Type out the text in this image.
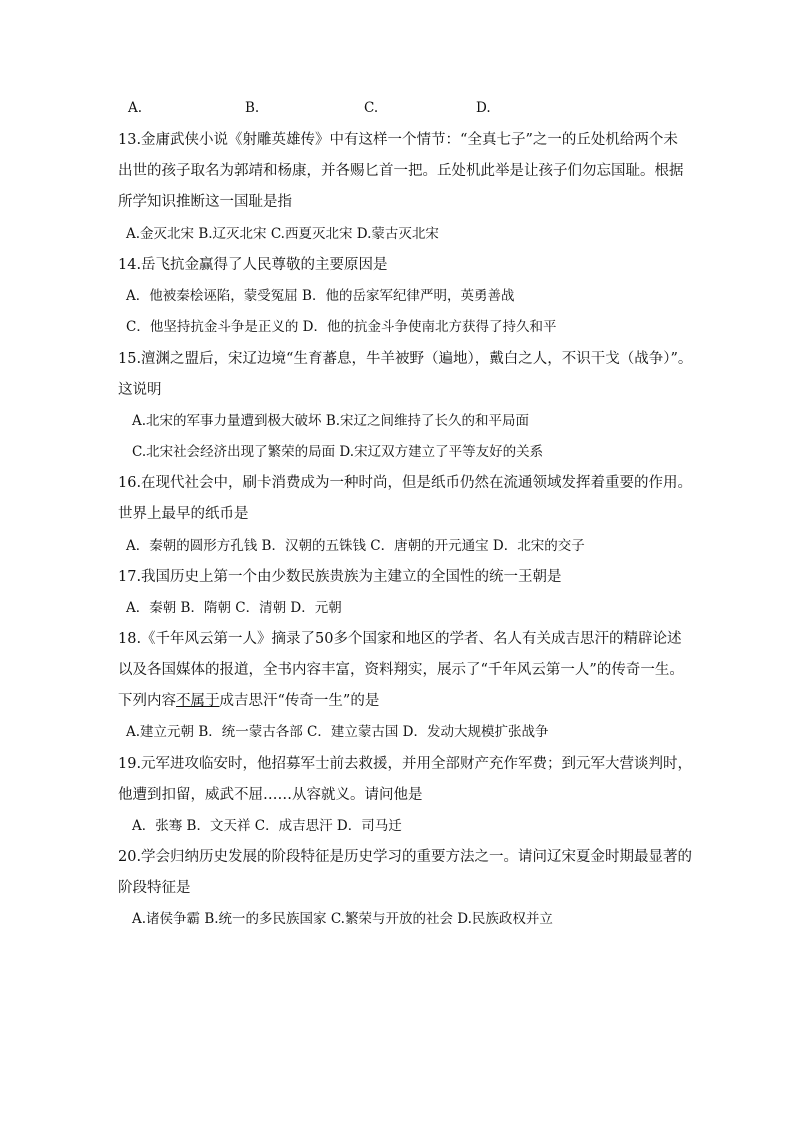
A.	B.	C.	D.
13.金庸武侠小说《射雕英雄传》中有这样一个情节：“全真七子”之一的丘处机给两个未
出世的孩子取名为郭靖和杨康，并各赐匕首一把。丘处机此举是让孩子们勿忘国耻。根据
所学知识推断这一国耻是指
A.金灭北宋 B.辽灭北宋 C.西夏灭北宋 D.蒙古灭北宋
14.岳飞抗金赢得了人民尊敬的主要原因是
A．他被秦桧诬陷，蒙受冤屈 B．他的岳家军纪律严明，英勇善战
C．他坚持抗金斗争是正义的 D．他的抗金斗争使南北方获得了持久和平
15.澶渊之盟后，宋辽边境“生育蕃息，牛羊被野（遍地），戴白之人，不识干戈（战争）”。
这说明
A.北宋的军事力量遭到极大破坏 B.宋辽之间维持了长久的和平局面
C.北宋社会经济出现了繁荣的局面 D.宋辽双方建立了平等友好的关系
16.在现代社会中，刷卡消费成为一种时尚，但是纸币仍然在流通领域发挥着重要的作用。
世界上最早的纸币是
A．秦朝的圆形方孔钱 B．汉朝的五铢钱 C．唐朝的开元通宝 D．北宋的交子
17.我国历史上第一个由少数民族贵族为主建立的全国性的统一王朝是
A．秦朝 B．隋朝 C．清朝 D．元朝
18.《千年风云第一人》摘录了50多个国家和地区的学者、名人有关成吉思汗的精辟论述
以及各国媒体的报道，全书内容丰富，资料翔实，展示了“千年风云第一人”的传奇一生。
下列内容不属于成吉思汗“传奇一生”的是
A.建立元朝 B．统一蒙古各部 C．建立蒙古国 D．发动大规模扩张战争
19.元军进攻临安时，他招募军士前去救援，并用全部财产充作军费；到元军大营谈判时，
他遭到扣留，威武不屈……从容就义。请问他是
A．张骞 B．文天祥 C．成吉思汗 D．司马迁
20.学会归纳历史发展的阶段特征是历史学习的重要方法之一。请问辽宋夏金时期最显著的
阶段特征是
A.诸侯争霸 B.统一的多民族国家 C.繁荣与开放的社会 D.民族政权并立
